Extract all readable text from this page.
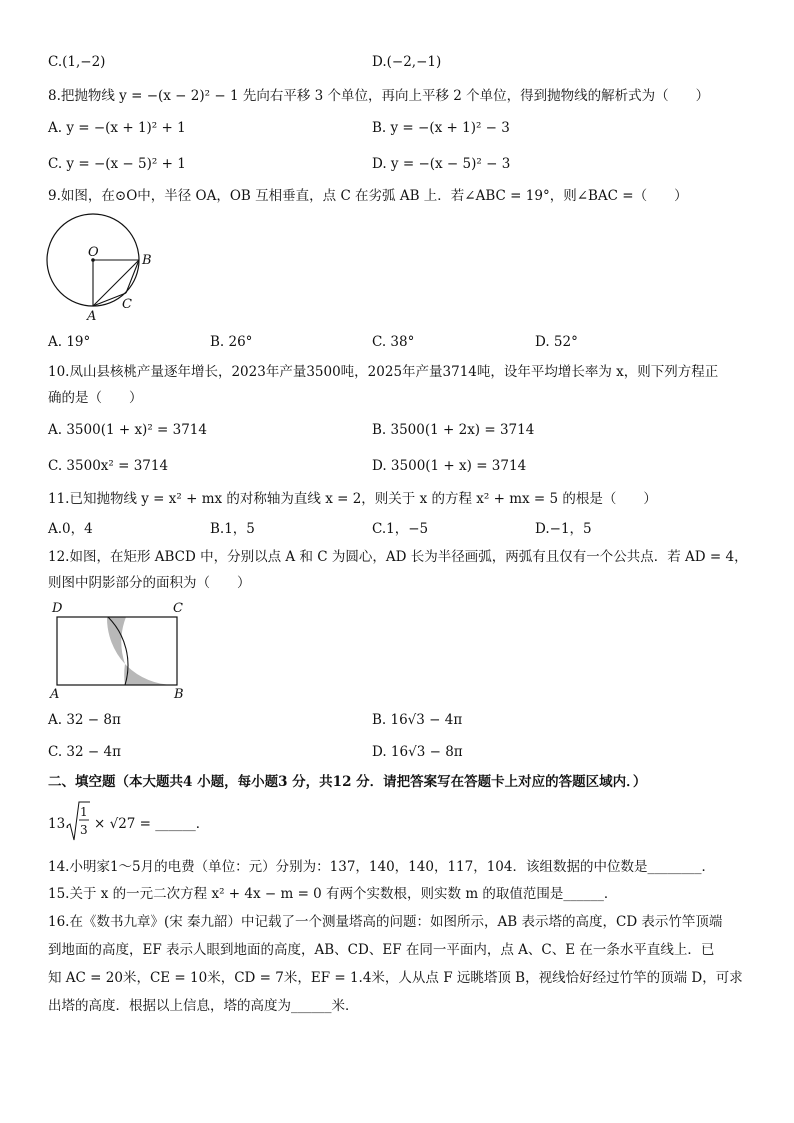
C.(1,−2)	D.(−2,−1)
8.把抛物线 y = −(x − 2)² − 1 先向右平移 3 个单位，再向上平移 2 个单位，得到抛物线的解析式为（　　）
A. y = −(x + 1)² + 1	B. y = −(x + 1)² − 3
C. y = −(x − 5)² + 1	D. y = −(x − 5)² − 3
9.如图，在⊙O中，半径 OA，OB 互相垂直，点 C 在劣弧 AB 上．若∠ABC = 19°，则∠BAC =（　　）
O
B
A
C
A. 19°	B. 26°	C. 38°	D. 52°
10.凤山县核桃产量逐年增长，2023年产量3500吨，2025年产量3714吨，设年平均增长率为 x，则下列方程正
确的是（　　）
A. 3500(1 + x)² = 3714	B. 3500(1 + 2x) = 3714
C. 3500x² = 3714	D. 3500(1 + x) = 3714
11.已知抛物线 y = x² + mx 的对称轴为直线 x = 2，则关于 x 的方程 x² + mx = 5 的根是（　　）
A.0，4	B.1，5	C.1，−5	D.−1，5
12.如图，在矩形 ABCD 中，分别以点 A 和 C 为圆心，AD 长为半径画弧，两弧有且仅有一个公共点．若 AD = 4，
则图中阴影部分的面积为（　　）
D	C
A	B
A. 32 − 8π	B. 16√3 − 4π
C. 32 − 4π	D. 16√3 − 8π
二、填空题（本大题共4 小题，每小题3 分，共12 分．请把答案写在答题卡上对应的答题区域内．）
13.
1
3 × √27 = ______．
14.小明家1～5月的电费（单位：元）分别为：137，140，140，117，104．该组数据的中位数是________．
15.关于 x 的一元二次方程 x² + 4x − m = 0 有两个实数根，则实数 m 的取值范围是______．
16.在《数书九章》(宋 秦九韶）中记载了一个测量塔高的问题：如图所示，AB 表示塔的高度，CD 表示竹竿顶端
到地面的高度，EF 表示人眼到地面的高度，AB、CD、EF 在同一平面内，点 A、C、E 在一条水平直线上．已
知 AC = 20米，CE = 10米，CD = 7米，EF = 1.4米，人从点 F 远眺塔顶 B，视线恰好经过竹竿的顶端 D，可求
出塔的高度．根据以上信息，塔的高度为______米．
